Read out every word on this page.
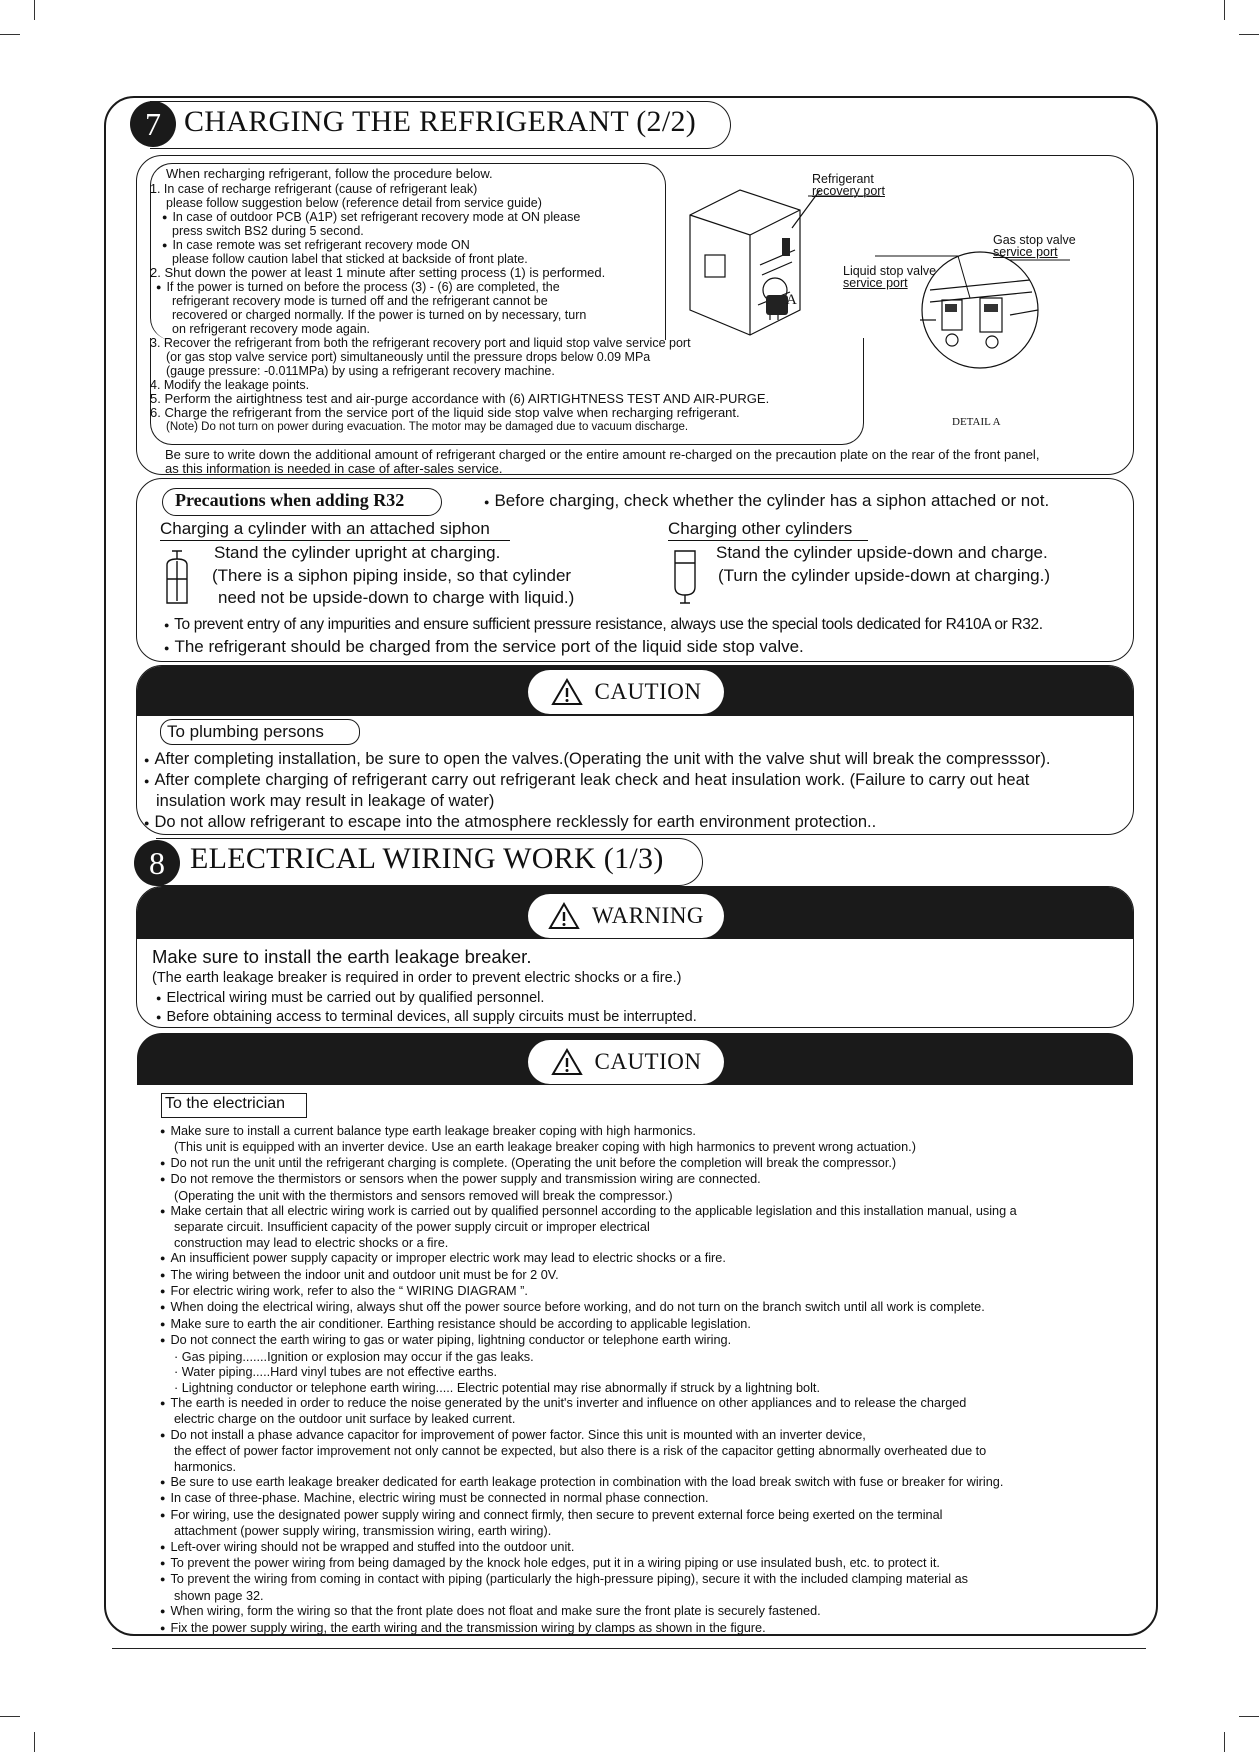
7 CHARGING THE REFRIGERANT (2/2)
When recharging refrigerant, follow the procedure below.
1. In case of recharge refrigerant (cause of refrigerant leak)
please follow suggestion below (reference detail from service guide)
● In case of outdoor PCB (A1P) set refrigerant recovery mode at ON please
press switch BS2 during 5 second.
● In case remote was set refrigerant recovery mode ON
please follow caution label that sticked at backside of front plate.
2. Shut down the power at least 1 minute after setting process (1) is performed.
● If the power is turned on before the process (3) - (6) are completed, the
refrigerant recovery mode is turned off and the refrigerant cannot be
recovered or charged normally. If the power is turned on by necessary, turn
on refrigerant recovery mode again.
3. Recover the refrigerant from both the refrigerant recovery port and liquid stop valve service port
(or gas stop valve service port) simultaneously until the pressure drops below 0.09 MPa
(gauge pressure: -0.011MPa) by using a refrigerant recovery machine.
4. Modify the leakage points.
5. Perform the airtightness test and air-purge accordance with (6) AIRTIGHTNESS TEST AND AIR-PURGE.
6. Charge the refrigerant from the service port of the liquid side stop valve when recharging refrigerant.
(Note) Do not turn on power during evacuation. The motor may be damaged due to vacuum discharge.
Be sure to write down the additional amount of refrigerant charged or the entire amount re-charged on the precaution plate on the rear of the front panel,
as this information is needed in case of after-sales service.
A
Refrigerant
recovery port
Gas stop valve
service port
Liquid stop valve
service port
DETAIL A
Precautions when adding R32
●	Before charging, check whether the cylinder has a siphon attached or not.
Charging a cylinder with an attached siphon	Charging other cylinders
Stand the cylinder upright at charging.
(There is a siphon piping inside, so that cylinder
need not be upside-down to charge with liquid.)
Stand the cylinder upside-down and charge.
(Turn the cylinder upside-down at charging.)
● To prevent entry of any impurities and ensure sufficient pressure resistance, always use the special tools dedicated for R410A or R32.
● The refrigerant should be charged from the service port of the liquid side stop valve.
CAUTION
To plumbing persons
● After completing installation, be sure to open the valves.(Operating the unit with the valve shut will break the compresssor).
● After complete charging of refrigerant carry out refrigerant leak check and heat insulation work. (Failure to carry out heat
insulation work may result in leakage of water)
● Do not allow refrigerant to escape into the atmosphere recklessly for earth environment protection..
8 ELECTRICAL WIRING WORK (1/3)
WARNING
Make sure to install the earth leakage breaker.
(The earth leakage breaker is required in order to prevent electric shocks or a fire.)
● Electrical wiring must be carried out by qualified personnel.
● Before obtaining access to terminal devices, all supply circuits must be interrupted.
CAUTION
To the electrician
● Make sure to install a current balance type earth leakage breaker coping with high harmonics.
(This unit is equipped with an inverter device. Use an earth leakage breaker coping with high harmonics to prevent wrong actuation.)
● Do not run the unit until the refrigerant charging is complete. (Operating the unit before the completion will break the compressor.)
● Do not remove the thermistors or sensors when the power supply and transmission wiring are connected.
(Operating the unit with the thermistors and sensors removed will break the compressor.)
● Make certain that all electric wiring work is carried out by qualified personnel according to the applicable legislation and this installation manual, using a
separate circuit. Insufficient capacity of the power supply circuit or improper electrical
construction may lead to electric shocks or a fire.
● An insufficient power supply capacity or improper electric work may lead to electric shocks or a fire.
● The wiring between the indoor unit and outdoor unit must be for 2 0V.
● For electric wiring work, refer to also the “ WIRING DIAGRAM ”.
● When doing the electrical wiring, always shut off the power source before working, and do not turn on the branch switch until all work is complete.
● Make sure to earth the air conditioner. Earthing resistance should be according to applicable legislation.
● Do not connect the earth wiring to gas or water piping, lightning conductor or telephone earth wiring.
· Gas piping.......Ignition or explosion may occur if the gas leaks.
· Water piping.....Hard vinyl tubes are not effective earths.
· Lightning conductor or telephone earth wiring..... Electric potential may rise abnormally if struck by a lightning bolt.
● The earth is needed in order to reduce the noise generated by the unit's inverter and influence on other appliances and to release the charged
electric charge on the outdoor unit surface by leaked current.
● Do not install a phase advance capacitor for improvement of power factor. Since this unit is mounted with an inverter device,
the effect of power factor improvement not only cannot be expected, but also there is a risk of the capacitor getting abnormally overheated due to
harmonics.
● Be sure to use earth leakage breaker dedicated for earth leakage protection in combination with the load break switch with fuse or breaker for wiring.
● In case of three-phase. Machine, electric wiring must be connected in normal phase connection.
● For wiring, use the designated power supply wiring and connect firmly, then secure to prevent external force being exerted on the terminal
attachment (power supply wiring, transmission wiring, earth wiring).
● Left-over wiring should not be wrapped and stuffed into the outdoor unit.
● To prevent the power wiring from being damaged by the knock hole edges, put it in a wiring piping or use insulated bush, etc. to protect it.
● To prevent the wiring from coming in contact with piping (particularly the high-pressure piping), secure it with the included clamping material as
shown page 32.
● When wiring, form the wiring so that the front plate does not float and make sure the front plate is securely fastened.
● Fix the power supply wiring, the earth wiring and the transmission wiring by clamps as shown in the figure.
